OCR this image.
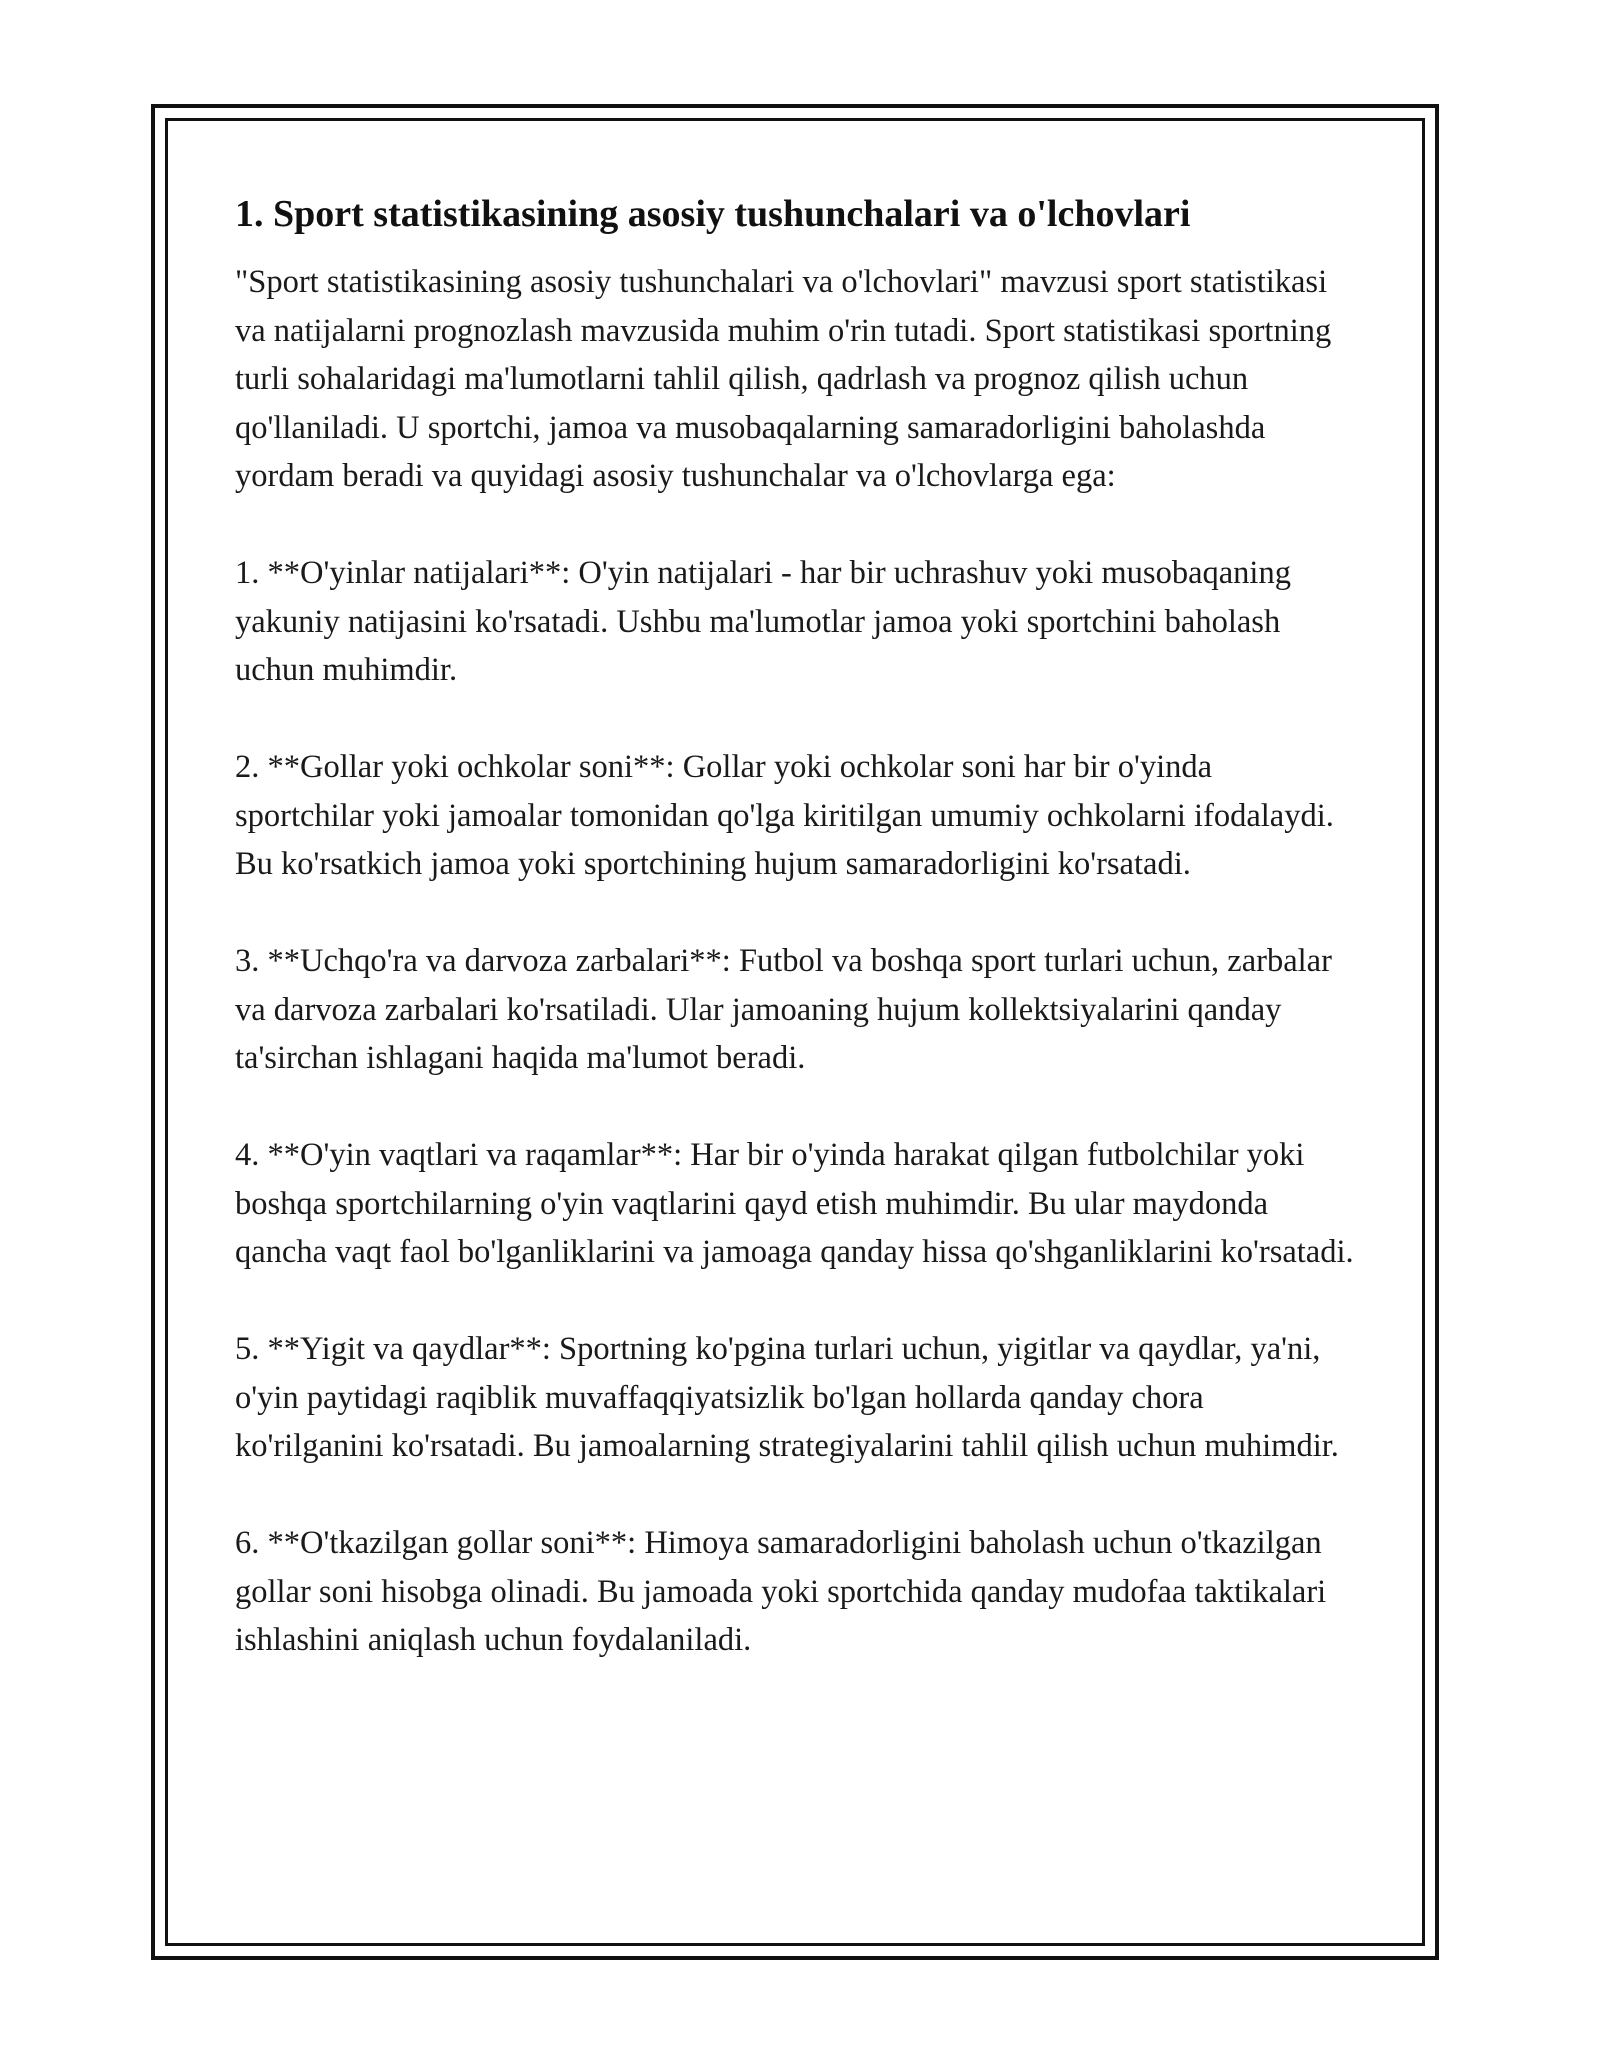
1. Sport statistikasining asosiy tushunchalari va o'lchovlari

"Sport statistikasining asosiy tushunchalari va o'lchovlari" mavzusi sport statistikasi va natijalarni prognozlash mavzusida muhim o'rin tutadi. Sport statistikasi sportning turli sohalaridagi ma'lumotlarni tahlil qilish, qadrlash va prognoz qilish uchun qo'llaniladi. U sportchi, jamoa va musobaqalarning samaradorligini baholashda yordam beradi va quyidagi asosiy tushunchalar va o'lchovlarga ega:

1. **O'yinlar natijalari**: O'yin natijalari - har bir uchrashuv yoki musobaqaning yakuniy natijasini ko'rsatadi. Ushbu ma'lumotlar jamoa yoki sportchini baholash uchun muhimdir.

2. **Gollar yoki ochkolar soni**: Gollar yoki ochkolar soni har bir o'yinda sportchilar yoki jamoalar tomonidan qo'lga kiritilgan umumiy ochkolarni ifodalaydi. Bu ko'rsatkich jamoa yoki sportchining hujum samaradorligini ko'rsatadi.

3. **Uchqo'ra va darvoza zarbalari**: Futbol va boshqa sport turlari uchun, zarbalar va darvoza zarbalari ko'rsatiladi. Ular jamoaning hujum kollektsiyalarini qanday ta'sirchan ishlagani haqida ma'lumot beradi.

4. **O'yin vaqtlari va raqamlar**: Har bir o'yinda harakat qilgan futbolchilar yoki boshqa sportchilarning o'yin vaqtlarini qayd etish muhimdir. Bu ular maydonda qancha vaqt faol bo'lganliklarini va jamoaga qanday hissa qo'shganliklarini ko'rsatadi.

5. **Yigit va qaydlar**: Sportning ko'pgina turlari uchun, yigitlar va qaydlar, ya'ni, o'yin paytidagi raqiblik muvaffaqqiyatsizlik bo'lgan hollarda qanday chora ko'rilganini ko'rsatadi. Bu jamoalarning strategiyalarini tahlil qilish uchun muhimdir.

6. **O'tkazilgan gollar soni**: Himoya samaradorligini baholash uchun o'tkazilgan gollar soni hisobga olinadi. Bu jamoada yoki sportchida qanday mudofaa taktikalari ishlashini aniqlash uchun foydalaniladi.
